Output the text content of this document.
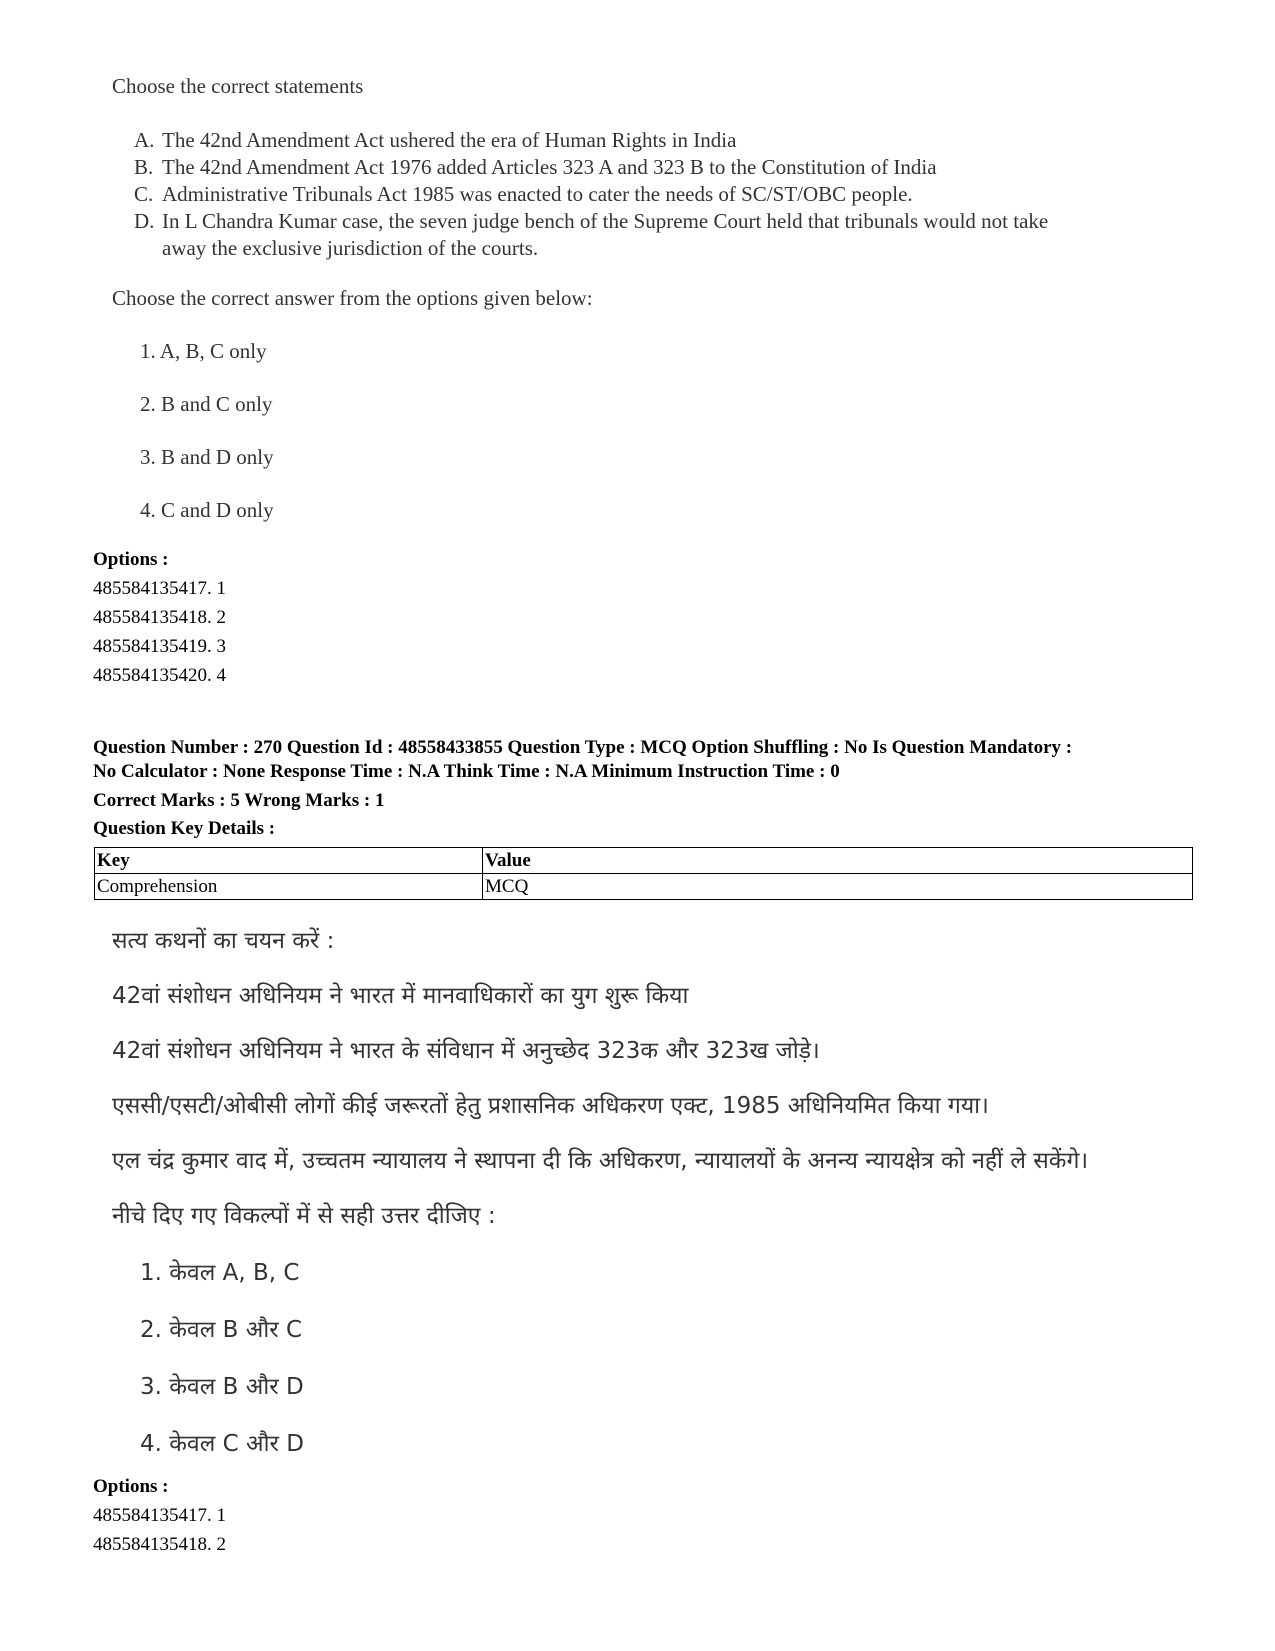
Choose the correct statements
A. The 42nd Amendment Act ushered the era of Human Rights in India
B. The 42nd Amendment Act 1976 added Articles 323 A and 323 B to the Constitution of India
C. Administrative Tribunals Act 1985 was enacted to cater the needs of SC/ST/OBC people.
D. In L Chandra Kumar case, the seven judge bench of the Supreme Court held that tribunals would not take
away the exclusive jurisdiction of the courts.
Choose the correct answer from the options given below:
1. A, B, C only
2. B and C only
3. B and D only
4. C and D only
Options :
485584135417. 1
485584135418. 2
485584135419. 3
485584135420. 4
Question Number : 270 Question Id : 48558433855 Question Type : MCQ Option Shuffling : No Is Question Mandatory :
No Calculator : None Response Time : N.A Think Time : N.A Minimum Instruction Time : 0
Correct Marks : 5 Wrong Marks : 1
Question Key Details :
Key	Value
Comprehension	MCQ
सत्य कथनों का चयन करें :
42वां संशोधन अधिनियम ने भारत में मानवाधिकारों का युग शुरू किया
42वां संशोधन अधिनियम ने भारत के संविधान में अनुच्छेद 323क और 323ख जोड़े।
एससी/एसटी/ओबीसी लोगों कीई जरूरतों हेतु प्रशासनिक अधिकरण एक्ट, 1985 अधिनियमित किया गया।
एल चंद्र कुमार वाद में, उच्चतम न्यायालय ने स्थापना दी कि अधिकरण, न्यायालयों के अनन्य न्यायक्षेत्र को नहीं ले सकेंगे।
नीचे दिए गए विकल्पों में से सही उत्तर दीजिए :
1. केवल A, B, C
2. केवल B और C
3. केवल B और D
4. केवल C और D
Options :
485584135417. 1
485584135418. 2
